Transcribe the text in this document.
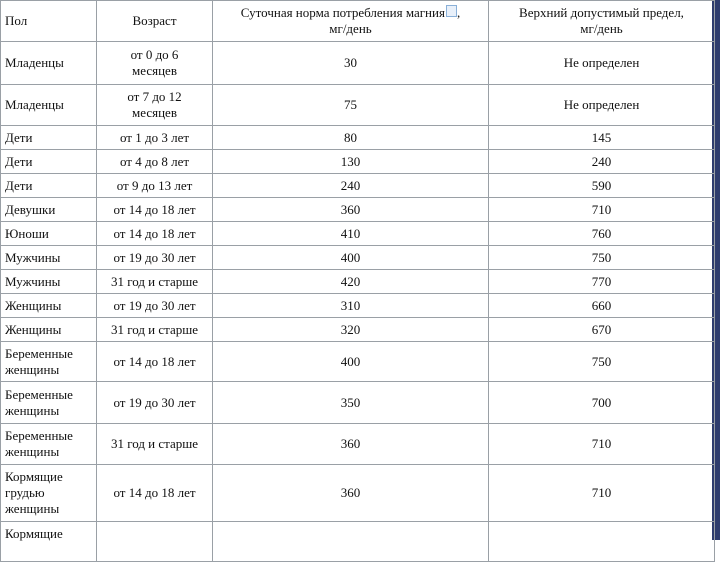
Пол	Возраст	Суточная норма потребления магния ,
мг/день	Верхний допустимый предел,
мг/день
Младенцы	от 0 до 6
месяцев	30	Не определен
Младенцы	от 7 до 12
месяцев	75	Не определен
Дети	от 1 до 3 лет	80	145
Дети	от 4 до 8 лет	130	240
Дети	от 9 до 13 лет	240	590
Девушки	от 14 до 18 лет	360	710
Юноши	от 14 до 18 лет	410	760
Мужчины	от 19 до 30 лет	400	750
Мужчины	31 год и старше	420	770
Женщины	от 19 до 30 лет	310	660
Женщины	31 год и старше	320	670
Беременные
женщины	от 14 до 18 лет	400	750
Беременные
женщины	от 19 до 30 лет	350	700
Беременные
женщины	31 год и старше	360	710
Кормящие
грудью
женщины	от 14 до 18 лет	360	710
Кормящие			
